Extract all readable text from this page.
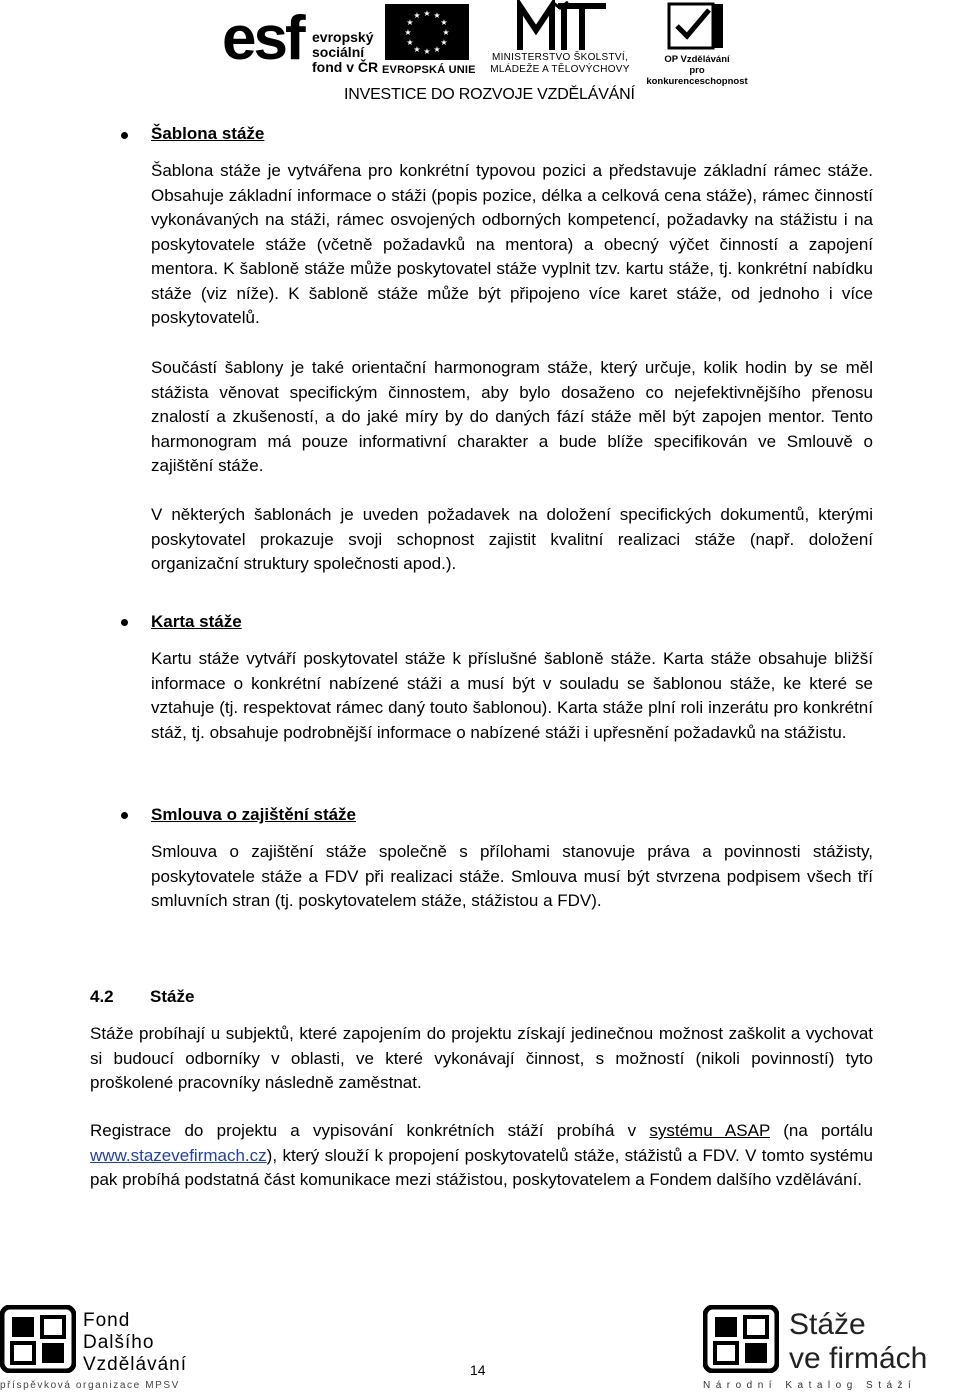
esf evropský
sociální
fond v ČR
★ ★
★
★
★
★
★
★
★
★
★
★
EVROPSKÁ UNIE
MINISTERSTVO ŠKOLSTVÍ,
MLÁDEŽE A TĚLOVÝCHOVY
OP Vzdělávání
pro konkurenceschopnost
INVESTICE DO ROZVOJE VZDĚLÁVÁNÍ
Šablona stáže

Šablona stáže je vytvářena pro konkrétní typovou pozici a představuje základní rámec stáže. Obsahuje základní informace o stáži (popis pozice, délka a celková cena stáže), rámec činností vykonávaných na stáži, rámec osvojených odborných kompetencí, požadavky na stážistu i na poskytovatele stáže (včetně požadavků na mentora) a obecný výčet činností a zapojení mentora. K šabloně stáže může poskytovatel stáže vyplnit tzv. kartu stáže, tj. konkrétní nabídku stáže (viz níže). K šabloně stáže může být připojeno více karet stáže, od jednoho i více poskytovatelů.

Součástí šablony je také orientační harmonogram stáže, který určuje, kolik hodin by se měl stážista věnovat specifickým činnostem, aby bylo dosaženo co nejefektivnějšího přenosu znalostí a zkušeností, a do jaké míry by do daných fází stáže měl být zapojen mentor. Tento harmonogram má pouze informativní charakter a bude blíže specifikován ve Smlouvě o zajištění stáže.

V některých šablonách je uveden požadavek na doložení specifických dokumentů, kterými poskytovatel prokazuje svoji schopnost zajistit kvalitní realizaci stáže (např. doložení organizační struktury společnosti apod.).

Karta stáže

Kartu stáže vytváří poskytovatel stáže k příslušné šabloně stáže. Karta stáže obsahuje bližší informace o konkrétní nabízené stáži a musí být v souladu se šablonou stáže, ke které se vztahuje (tj. respektovat rámec daný touto šablonou). Karta stáže plní roli inzerátu pro konkrétní stáž, tj. obsahuje podrobnější informace o nabízené stáži i upřesnění požadavků na stážistu.

Smlouva o zajištění stáže

Smlouva o zajištění stáže společně s přílohami stanovuje práva a povinnosti stážisty, poskytovatele stáže a FDV při realizaci stáže. Smlouva musí být stvrzena podpisem všech tří smluvních stran (tj. poskytovatelem stáže, stážistou a FDV).

4.2 Stáže

Stáže probíhají u subjektů, které zapojením do projektu získají jedinečnou možnost zaškolit a vychovat si budoucí odborníky v oblasti, ve které vykonávají činnost, s možností (nikoli povinností) tyto proškolené pracovníky následně zaměstnat.

Registrace do projektu a vypisování konkrétních stáží probíhá v systému ASAP (na portálu www.stazevefirmach.cz), který slouží k propojení poskytovatelů stáže, stážistů a FDV. V tomto systému pak probíhá podstatná část komunikace mezi stážistou, poskytovatelem a Fondem dalšího vzdělávání.

Fond
Dalšího
Vzdělávání
příspěvková organizace MPSV
14
Stáže
ve firmách
Národní Katalog Stáží
